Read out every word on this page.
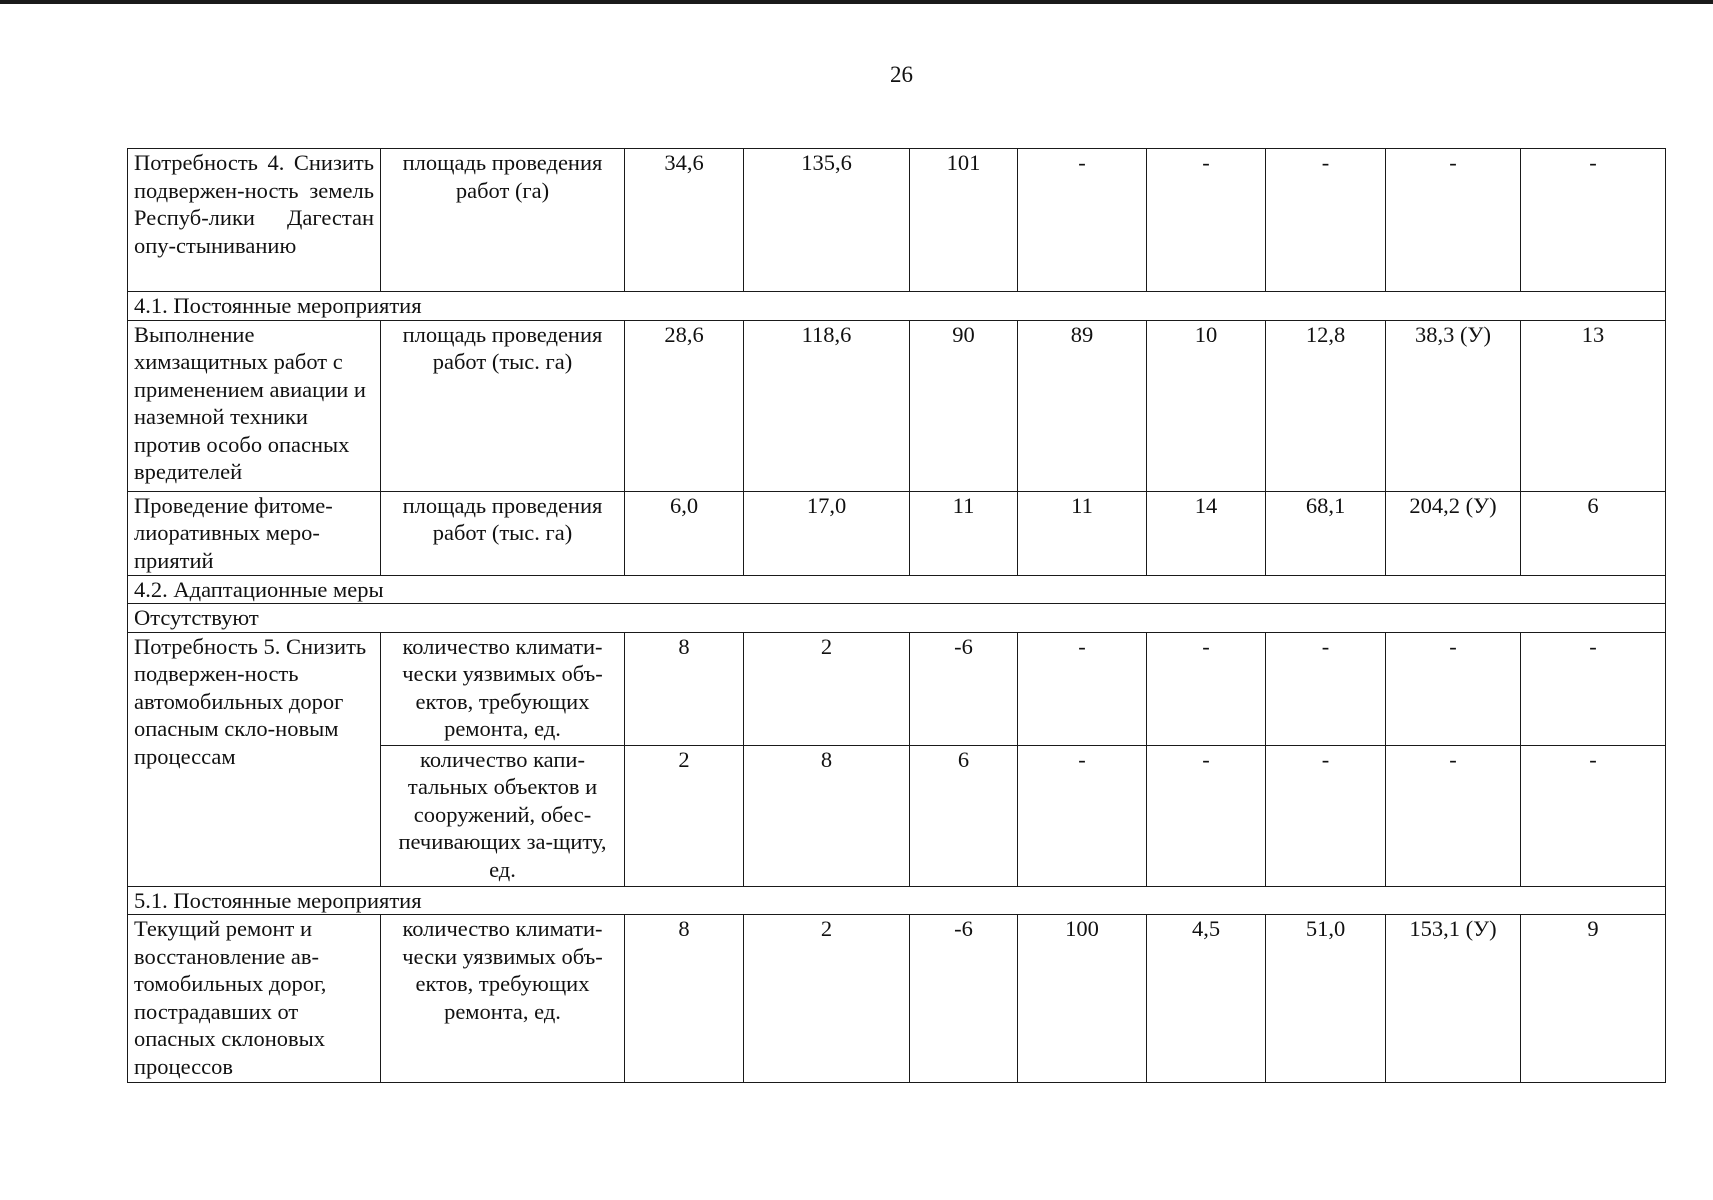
26
Потребность 4. Снизить подвержен-ность земель Респуб-лики Дагестан опу-стыниванию	площадь проведения работ (га)	34,6	135,6	101	-	-	-	-	-
4.1. Постоянные мероприятия									
Выполнение химзащитных работ с применением авиации и наземной техники против особо опасных вредителей	площадь проведения работ (тыс. га)	28,6	118,6	90	89	10	12,8	38,3 (У)	13
Проведение фитоме-лиоративных меро-приятий	площадь проведения работ (тыс. га)	6,0	17,0	11	11	14	68,1	204,2 (У)	6
4.2. Адаптационные меры									
Отсутствуют									
Потребность 5. Снизить подвержен-ность автомобильных дорог опасным скло-новым процессам	количество климати-чески уязвимых объ-ектов, требующих ремонта, ед.	8	2	-6	-	-	-	-	-
	количество капи-тальных объектов и сооружений, обес-печивающих за-щиту, ед.	2	8	6	-	-	-	-	-
5.1. Постоянные мероприятия									
Текущий ремонт и восстановление ав-томобильных дорог, пострадавших от опасных склоновых процессов	количество климати-чески уязвимых объ-ектов, требующих ремонта, ед.	8	2	-6	100	4,5	51,0	153,1 (У)	9
